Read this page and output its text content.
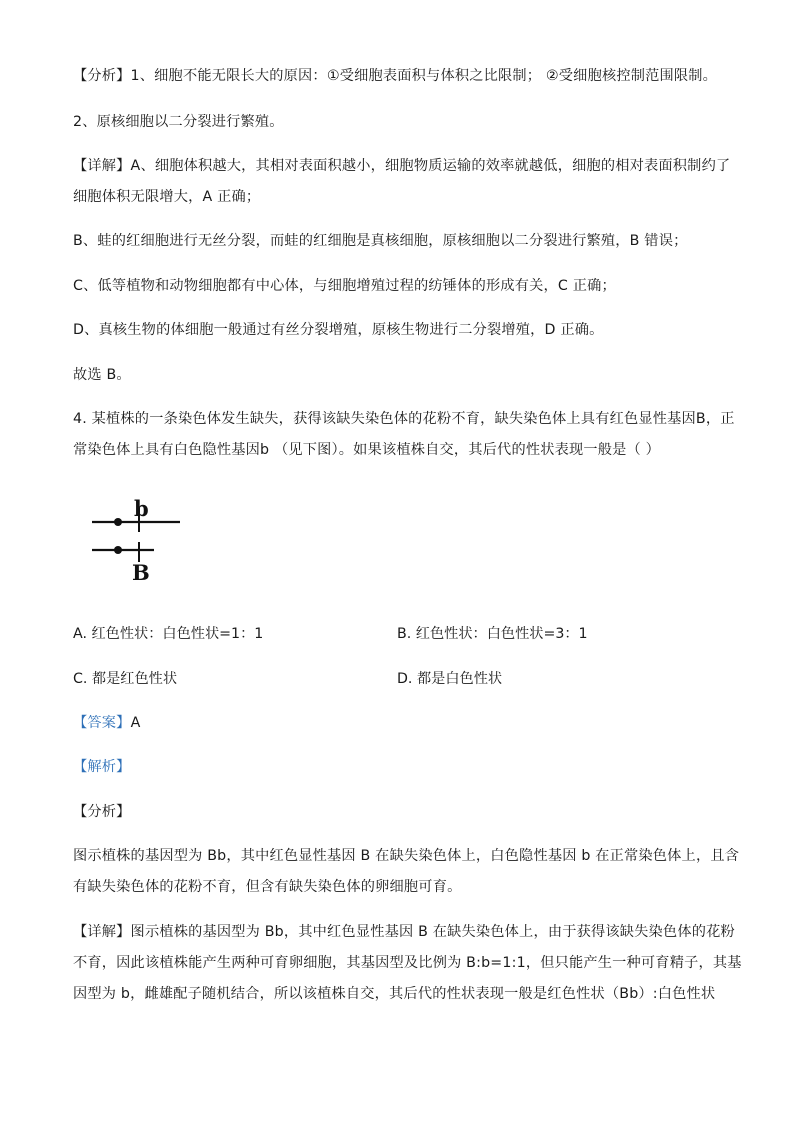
【分析】1、细胞不能无限长大的原因：①受细胞表面积与体积之比限制； ②受细胞核控制范围限制。
2、原核细胞以二分裂进行繁殖。
【详解】A、细胞体积越大，其相对表面积越小，细胞物质运输的效率就越低，细胞的相对表面积制约了
细胞体积无限增大，A 正确；
B、蛙的红细胞进行无丝分裂，而蛙的红细胞是真核细胞，原核细胞以二分裂进行繁殖，B 错误；
C、低等植物和动物细胞都有中心体，与细胞增殖过程的纺锤体的形成有关，C 正确；
D、真核生物的体细胞一般通过有丝分裂增殖，原核生物进行二分裂增殖，D 正确。
故选 B。
4. 某植株的一条染色体发生缺失，获得该缺失染色体的花粉不育，缺失染色体上具有红色显性基因B，正
常染色体上具有白色隐性基因b （见下图）。如果该植株自交，其后代的性状表现一般是（ ）
b
B
A. 红色性状：白色性状=1：1	B. 红色性状：白色性状=3：1
C. 都是红色性状	D. 都是白色性状
【答案】A
【解析】
【分析】
图示植株的基因型为 Bb，其中红色显性基因 B 在缺失染色体上，白色隐性基因 b 在正常染色体上，且含
有缺失染色体的花粉不育，但含有缺失染色体的卵细胞可育。
【详解】图示植株的基因型为 Bb，其中红色显性基因 B 在缺失染色体上，由于获得该缺失染色体的花粉
不育，因此该植株能产生两种可育卵细胞，其基因型及比例为 B:b=1:1，但只能产生一种可育精子，其基
因型为 b，雌雄配子随机结合，所以该植株自交，其后代的性状表现一般是红色性状（Bb）:白色性状
